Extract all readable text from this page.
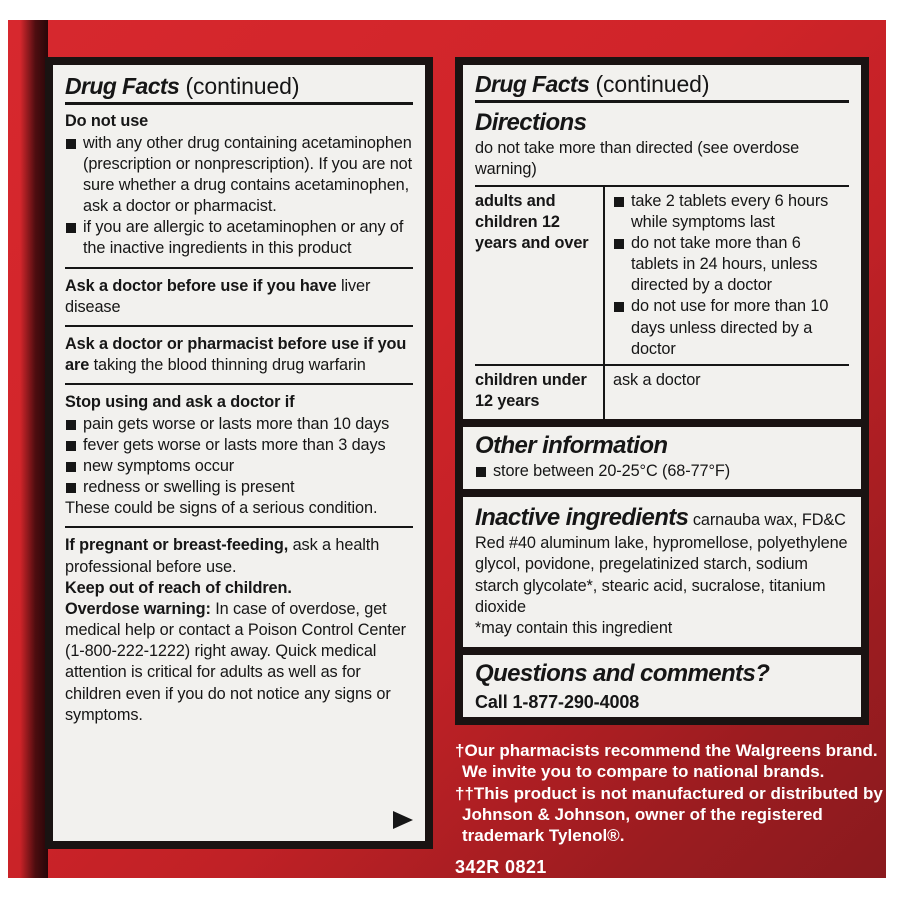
Drug Facts (continued)

Do not use

with any other drug containing acetaminophen (prescription or nonprescription). If you are not sure whether a drug contains acetaminophen, ask a doctor or pharmacist.
if you are allergic to acetaminophen or any of the inactive ingredients in this product

Ask a doctor before use if you have liver disease

Ask a doctor or pharmacist before use if you are taking the blood thinning drug warfarin

Stop using and ask a doctor if

pain gets worse or lasts more than 10 days
fever gets worse or lasts more than 3 days
new symptoms occur
redness or swelling is present

These could be signs of a serious condition.

If pregnant or breast-feeding, ask a health professional before use.

Keep out of reach of children.

Overdose warning: In case of overdose, get medical help or contact a Poison Control Center (1-800-222-1222) right away. Quick medical attention is critical for adults as well as for children even if you do not notice any signs or symptoms.

Drug Facts (continued)
Directions

do not take more than directed (see overdose warning)

adults and children 12 years and over
take 2 tablets every 6 hours while symptoms last
do not take more than 6 tablets in 24 hours, unless directed by a doctor
do not use for more than 10 days unless directed by a doctor
children under 12 years
ask a doctor
Other information
store between 20-25°C (68-77°F)

Inactive ingredients carnauba wax, FD&C Red #40 aluminum lake, hypromellose, polyethylene glycol, povidone, pregelatinized starch, sodium starch glycolate*, stearic acid, sucralose, titanium dioxide

*may contain this ingredient

Questions and comments?
Call 1-877-290-4008
†Our pharmacists recommend the Walgreens brand.
We invite you to compare to national brands.
††This product is not manufactured or distributed by
Johnson & Johnson, owner of the registered
trademark Tylenol®.
342R 0821
